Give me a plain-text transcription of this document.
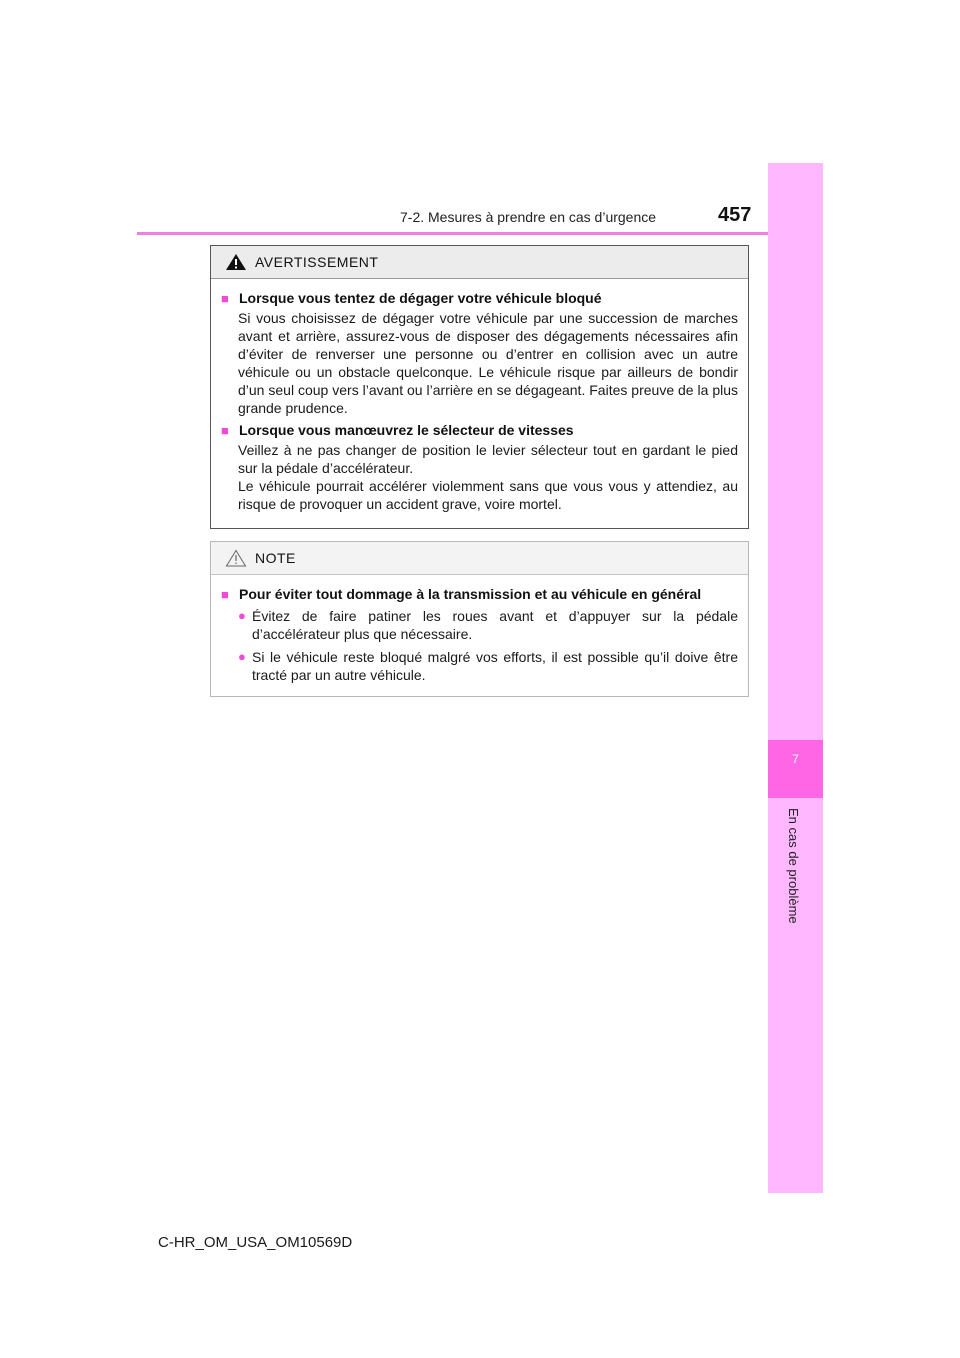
7-2. Mesures à prendre en cas d’urgence	457
7
En cas de problème
AVERTISSEMENT
■ Lorsque vous tentez de dégager votre véhicule bloqué
Si vous choisissez de dégager votre véhicule par une succession de marches avant et arrière, assurez-vous de disposer des dégagements nécessaires afin d’éviter de renverser une personne ou d’entrer en collision avec un autre véhicule ou un obstacle quelconque. Le véhicule risque par ailleurs de bondir d’un seul coup vers l’avant ou l’arrière en se dégageant. Faites preuve de la plus grande prudence.
■ Lorsque vous manœuvrez le sélecteur de vitesses
Veillez à ne pas changer de position le levier sélecteur tout en gardant le pied sur la pédale d’accélérateur.
Le véhicule pourrait accélérer violemment sans que vous vous y attendiez, au risque de provoquer un accident grave, voire mortel.
NOTE
■ Pour éviter tout dommage à la transmission et au véhicule en général
● Évitez de faire patiner les roues avant et d’appuyer sur la pédale d’accélérateur plus que nécessaire.
● Si le véhicule reste bloqué malgré vos efforts, il est possible qu’il doive être tracté par un autre véhicule.
C-HR_OM_USA_OM10569D
